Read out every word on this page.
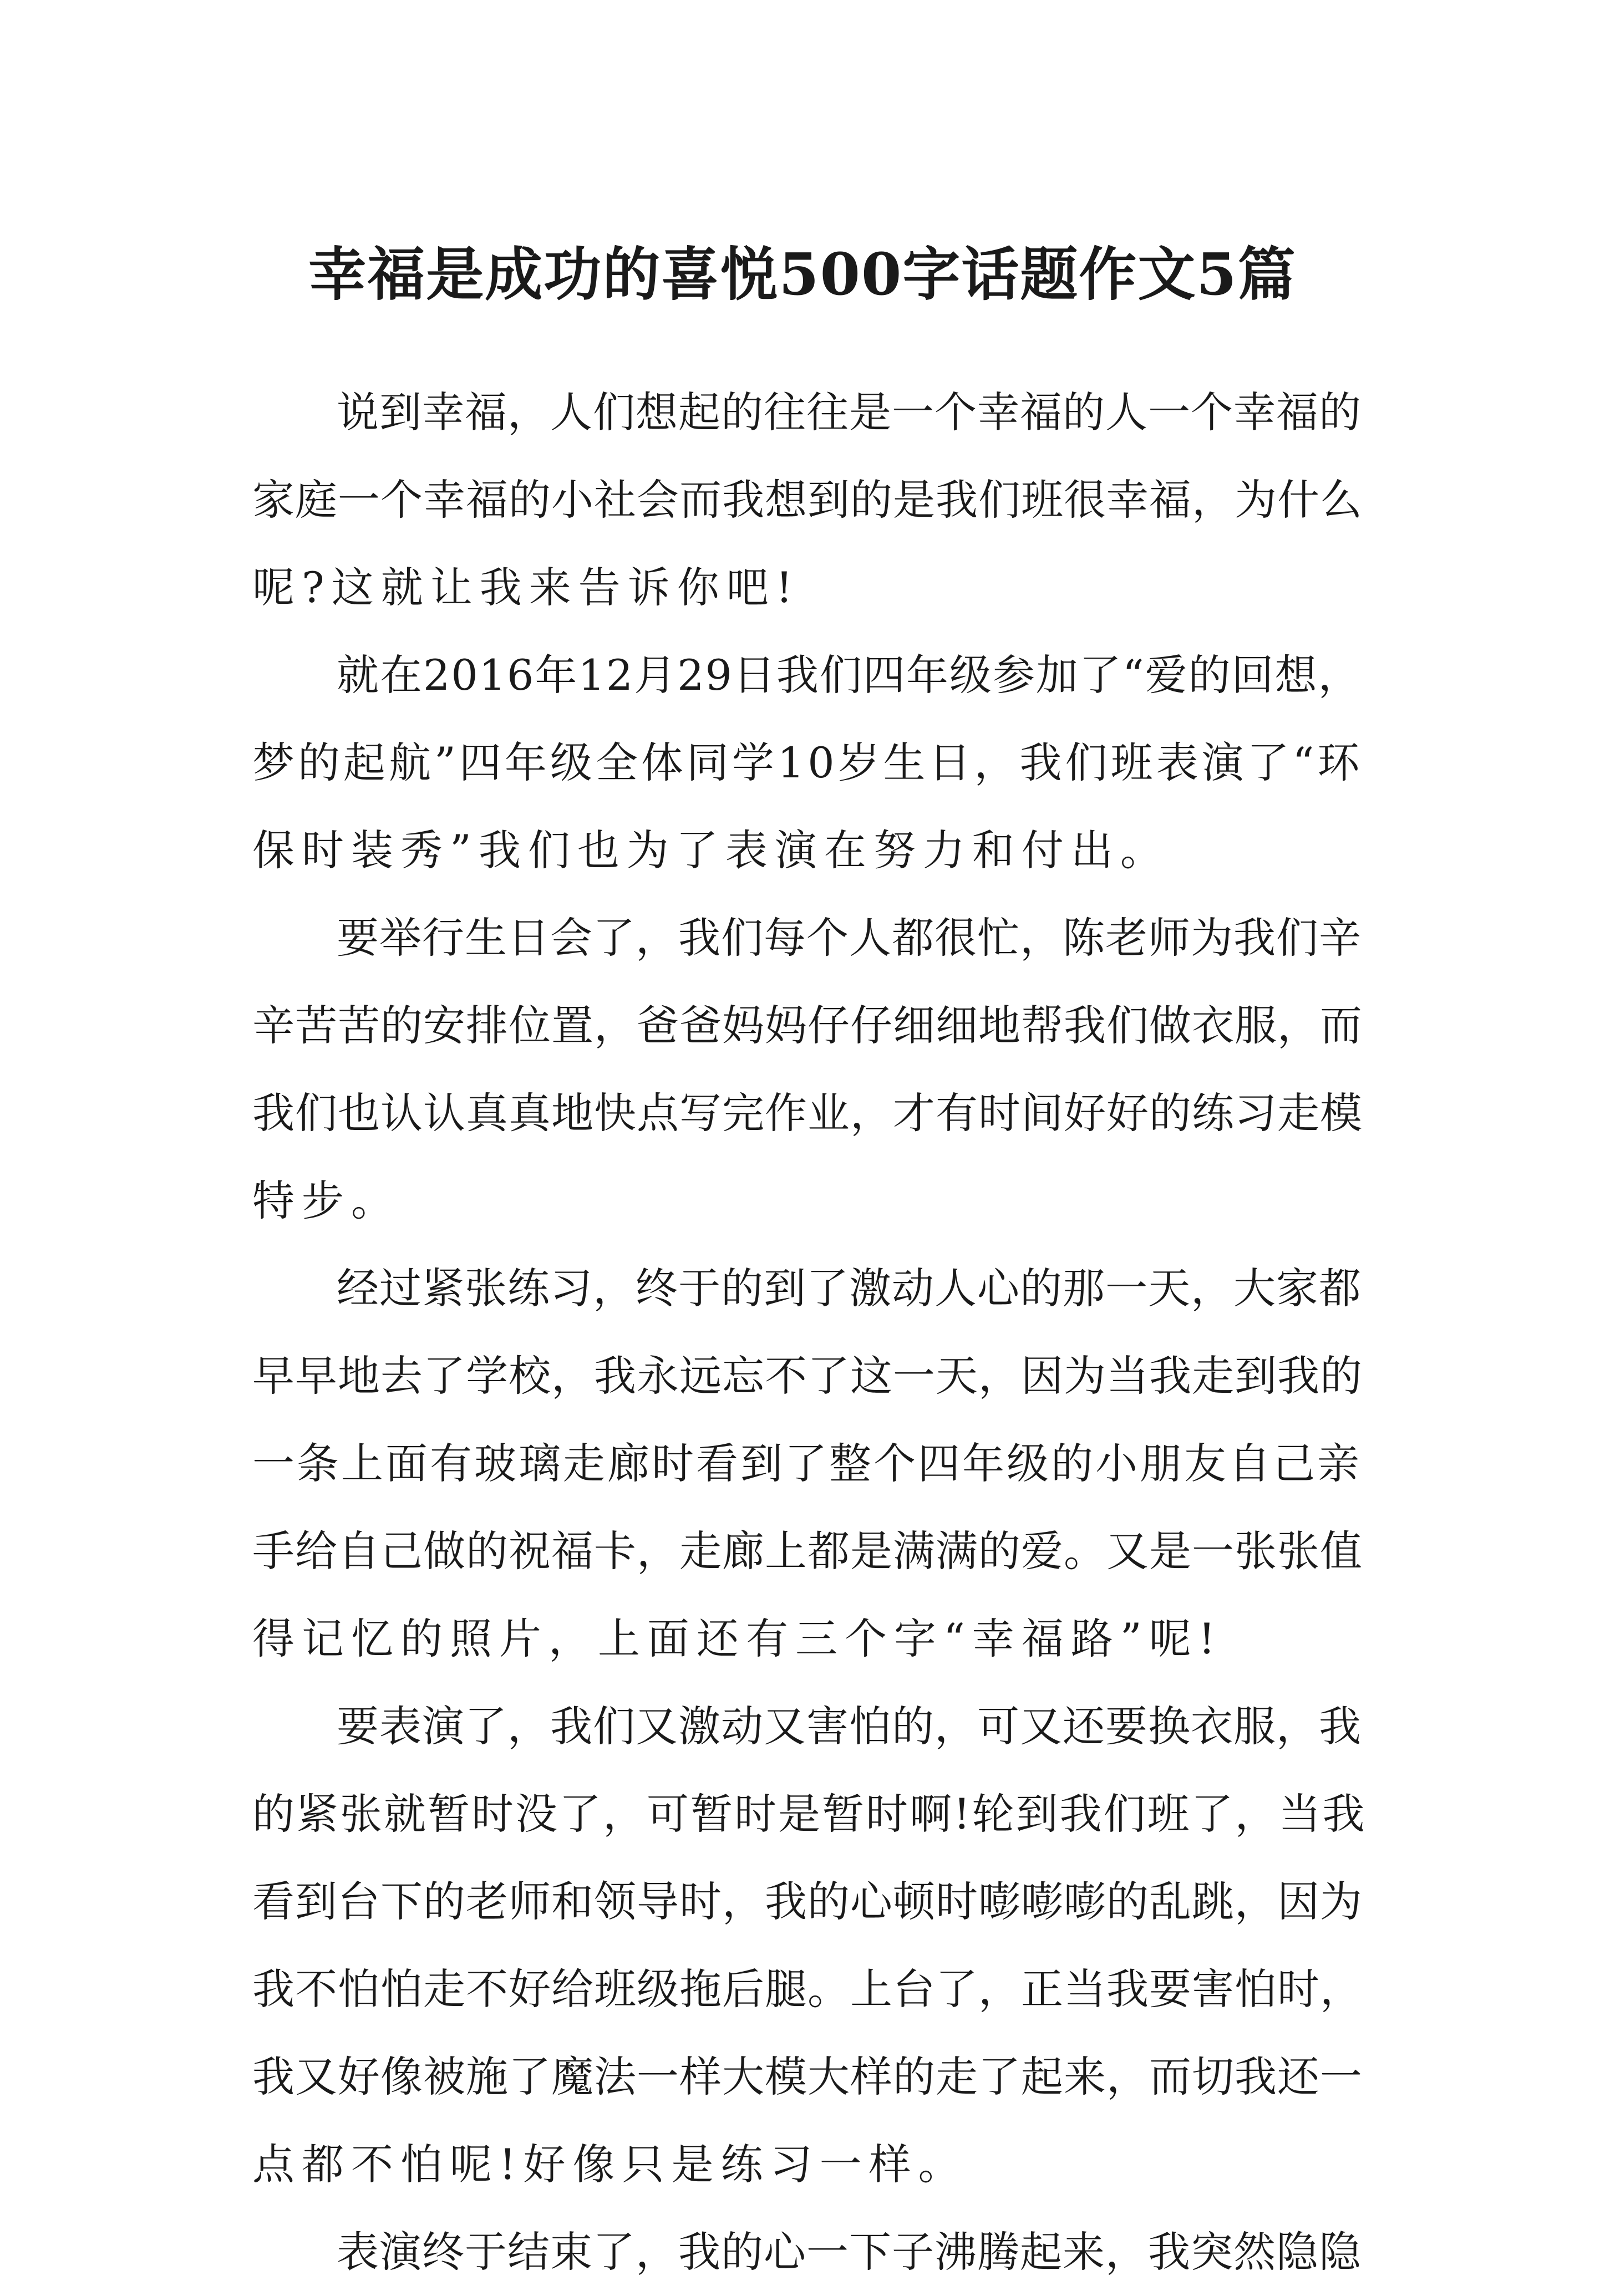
幸福是成功的喜悦500字话题作文5篇
说到幸福，人们想起的往往是一个幸福的人一个幸福的
家庭一个幸福的小社会而我想到的是我们班很幸福，为什么
呢?这就让我来告诉你吧!
就在2016年12月29日我们四年级参加了“爱的回想，
梦的起航”四年级全体同学10岁生日，我们班表演了“环
保时装秀”我们也为了表演在努力和付出。
要举行生日会了，我们每个人都很忙，陈老师为我们辛
辛苦苦的安排位置，爸爸妈妈仔仔细细地帮我们做衣服，而
我们也认认真真地快点写完作业，才有时间好好的练习走模
特步。
经过紧张练习，终于的到了激动人心的那一天，大家都
早早地去了学校，我永远忘不了这一天，因为当我走到我的
一条上面有玻璃走廊时看到了整个四年级的小朋友自己亲
手给自己做的祝福卡，走廊上都是满满的爱。又是一张张值
得记忆的照片，上面还有三个字“幸福路”呢!
要表演了，我们又激动又害怕的，可又还要换衣服，我
的紧张就暂时没了，可暂时是暂时啊!轮到我们班了，当我
看到台下的老师和领导时，我的心顿时嘭嘭嘭的乱跳，因为
我不怕怕走不好给班级拖后腿。上台了，正当我要害怕时，
我又好像被施了魔法一样大模大样的走了起来，而切我还一
点都不怕呢!好像只是练习一样。
表演终于结束了，我的心一下子沸腾起来，我突然隐隐
